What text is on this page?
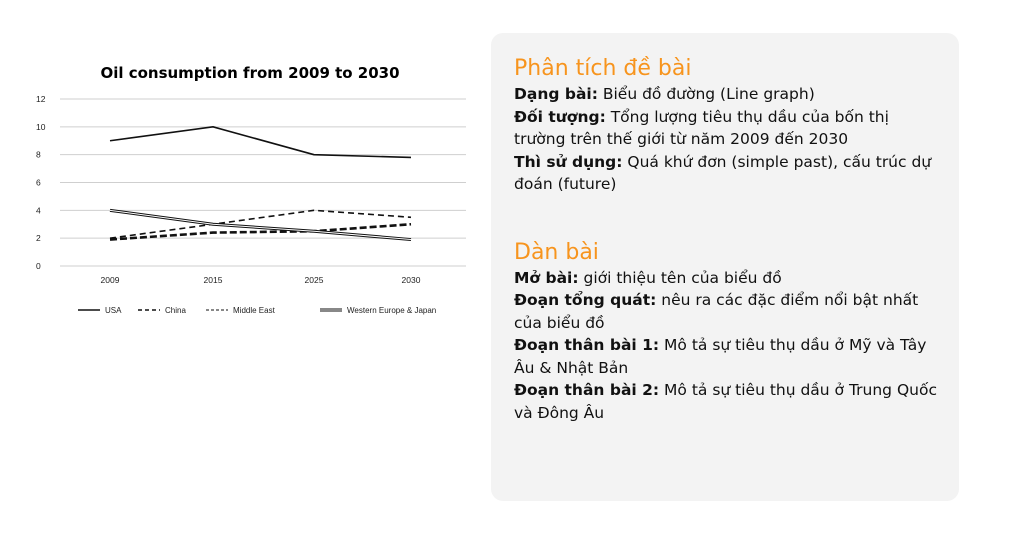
Oil consumption from 2009 to 2030
0
2
4
6
8
10
12
2009	2015	2025	2030
USA	China	Middle East	Western Europe & Japan

Phân tích đề bài

Dạng bài: Biểu đồ đường (Line graph)

Đối tượng: Tổng lượng tiêu thụ dầu của bốn thị trường trên thế giới từ năm 2009 đến 2030

Thì sử dụng: Quá khứ đơn (simple past), cấu trúc dự đoán (future)

Dàn bài

Mở bài: giới thiệu tên của biểu đồ

Đoạn tổng quát: nêu ra các đặc điểm nổi bật nhất của biểu đồ

Đoạn thân bài 1: Mô tả sự tiêu thụ dầu ở Mỹ và Tây Âu & Nhật Bản

Đoạn thân bài 2: Mô tả sự tiêu thụ dầu ở Trung Quốc và Đông Âu
